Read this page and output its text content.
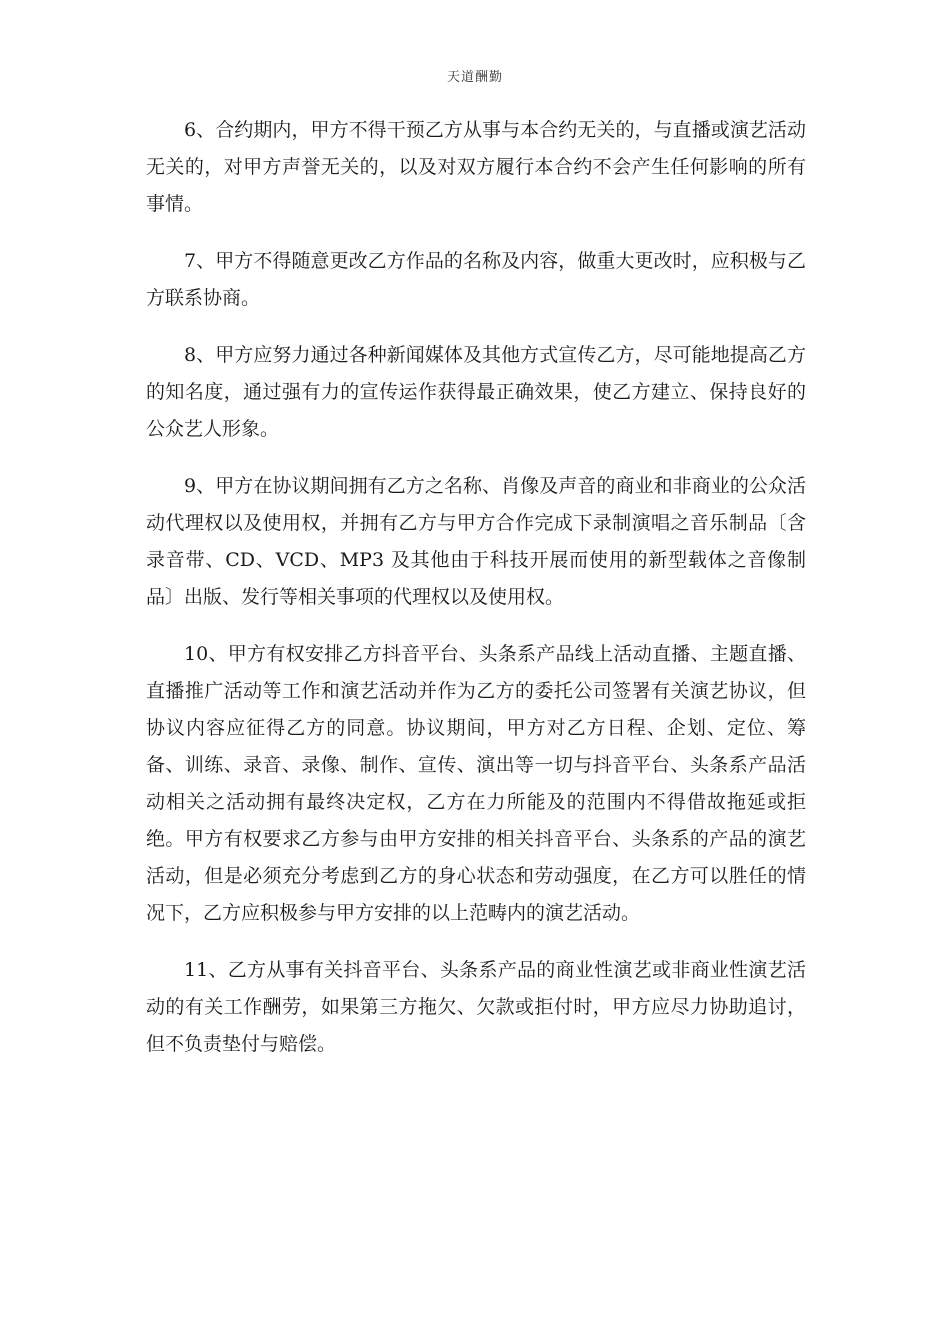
天道酬勤

6、合约期内，甲方不得干预乙方从事与本合约无关的，与直播或演艺活动无关的，对甲方声誉无关的，以及对双方履行本合约不会产生任何影响的所有事情。

7、甲方不得随意更改乙方作品的名称及内容，做重大更改时，应积极与乙方联系协商。

8、甲方应努力通过各种新闻媒体及其他方式宣传乙方，尽可能地提高乙方的知名度，通过强有力的宣传运作获得最正确效果，使乙方建立、保持良好的公众艺人形象。

9、甲方在协议期间拥有乙方之名称、肖像及声音的商业和非商业的公众活动代理权以及使用权，并拥有乙方与甲方合作完成下录制演唱之音乐制品〔含录音带、CD、VCD、MP3 及其他由于科技开展而使用的新型载体之音像制品〕出版、发行等相关事项的代理权以及使用权。

10、甲方有权安排乙方抖音平台、头条系产品线上活动直播、主题直播、直播推广活动等工作和演艺活动并作为乙方的委托公司签署有关演艺协议，但协议内容应征得乙方的同意。协议期间，甲方对乙方日程、企划、定位、筹备、训练、录音、录像、制作、宣传、演出等一切与抖音平台、头条系产品活动相关之活动拥有最终决定权，乙方在力所能及的范围内不得借故拖延或拒绝。甲方有权要求乙方参与由甲方安排的相关抖音平台、头条系的产品的演艺活动，但是必须充分考虑到乙方的身心状态和劳动强度，在乙方可以胜任的情况下，乙方应积极参与甲方安排的以上范畴内的演艺活动。

11、乙方从事有关抖音平台、头条系产品的商业性演艺或非商业性演艺活动的有关工作酬劳，如果第三方拖欠、欠款或拒付时，甲方应尽力协助追讨，但不负责垫付与赔偿。
